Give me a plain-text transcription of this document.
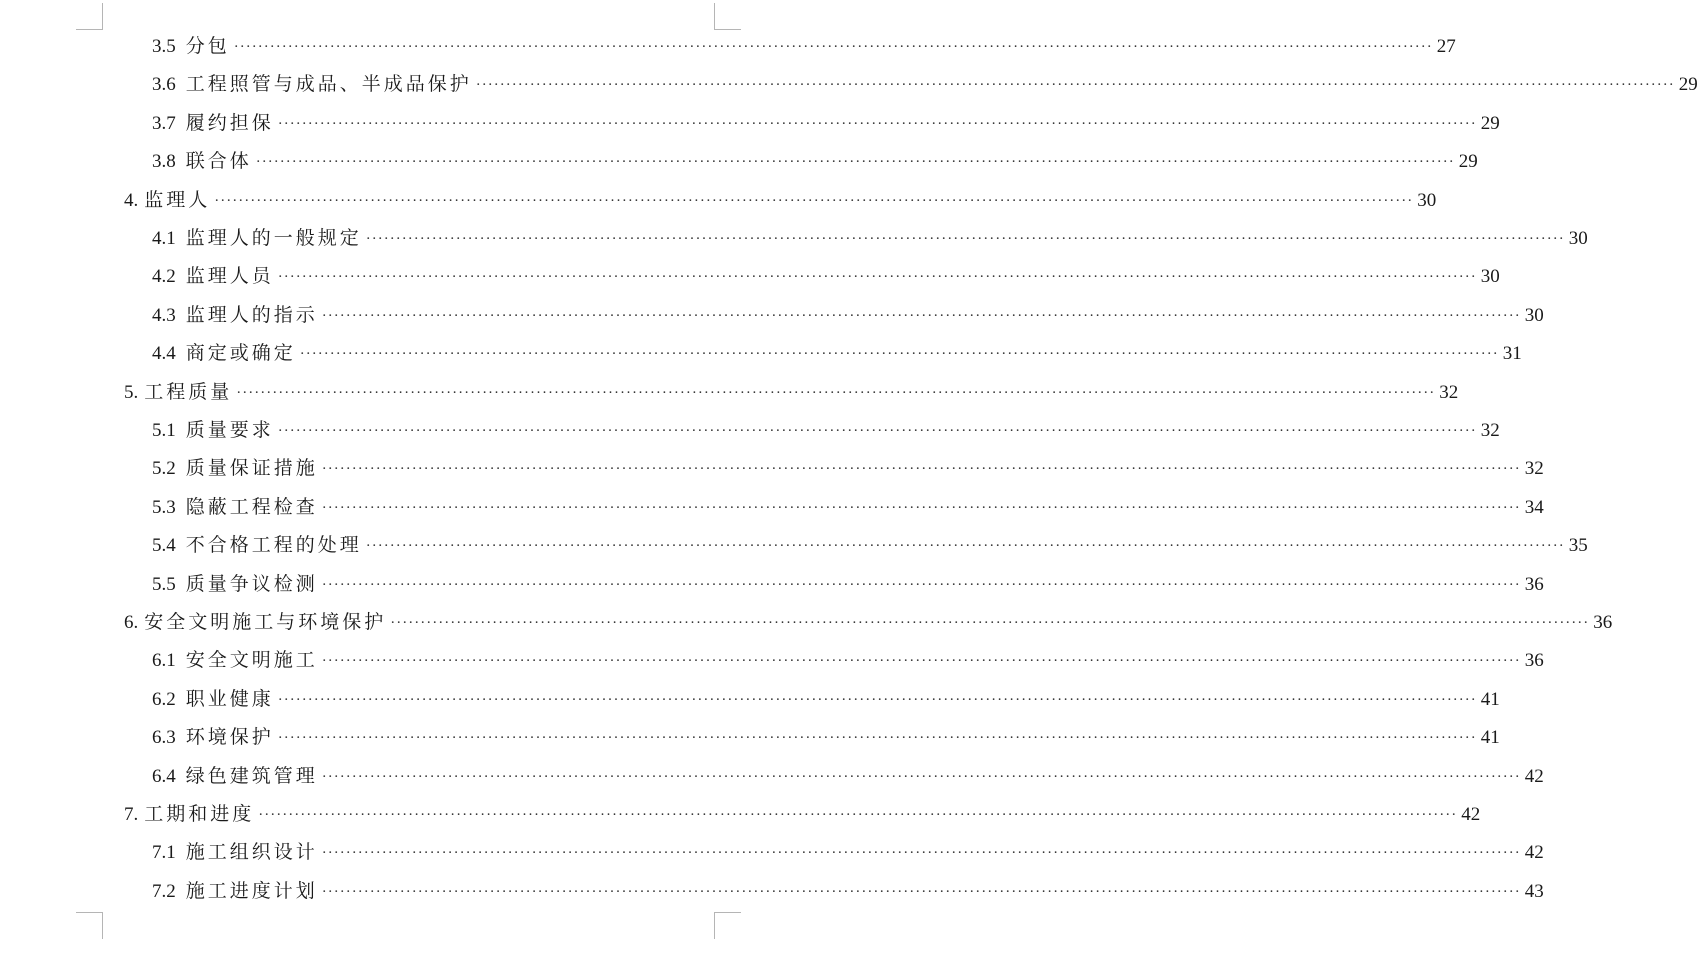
3.5 分包 ········································································································································································································ 27
3.6 工程照管与成品、半成品保护 ········································································································································································································ 29
3.7 履约担保 ········································································································································································································ 29
3.8 联合体 ········································································································································································································ 29
4. 监理人 ········································································································································································································ 30
4.1 监理人的一般规定 ········································································································································································································ 30
4.2 监理人员 ········································································································································································································ 30
4.3 监理人的指示 ········································································································································································································ 30
4.4 商定或确定 ········································································································································································································ 31
5. 工程质量 ········································································································································································································ 32
5.1 质量要求 ········································································································································································································ 32
5.2 质量保证措施 ········································································································································································································ 32
5.3 隐蔽工程检查 ········································································································································································································ 34
5.4 不合格工程的处理 ········································································································································································································ 35
5.5 质量争议检测 ········································································································································································································ 36
6. 安全文明施工与环境保护 ········································································································································································································ 36
6.1 安全文明施工 ········································································································································································································ 36
6.2 职业健康 ········································································································································································································ 41
6.3 环境保护 ········································································································································································································ 41
6.4 绿色建筑管理 ········································································································································································································ 42
7. 工期和进度 ········································································································································································································ 42
7.1 施工组织设计 ········································································································································································································ 42
7.2 施工进度计划 ········································································································································································································ 43
